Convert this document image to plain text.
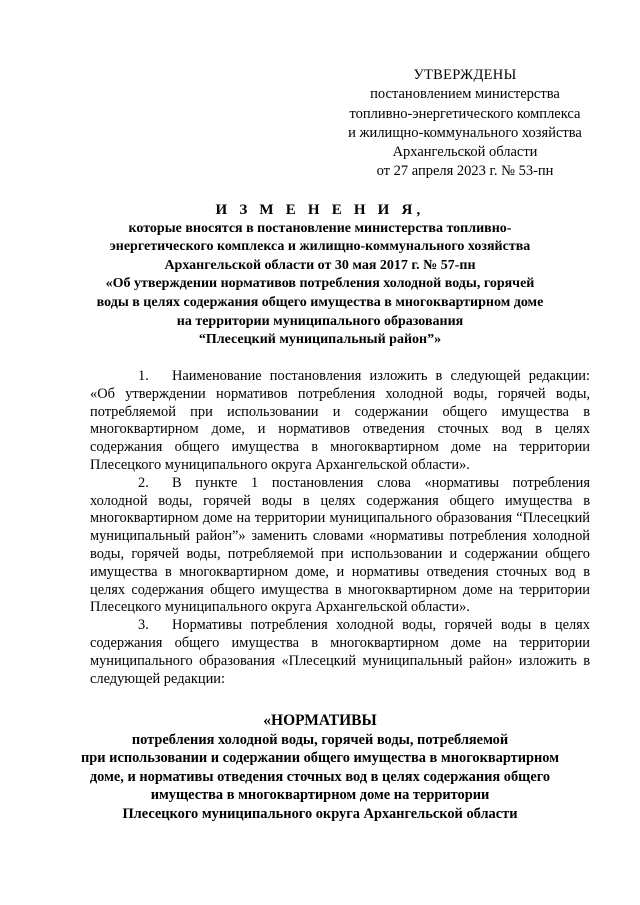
УТВЕРЖДЕНЫ
постановлением министерства
топливно-энергетического комплекса
и жилищно-коммунального хозяйства
Архангельской области
от 27 апреля 2023 г. № 53-пн
И З М Е Н Е Н И Я,
которые вносятся в постановление министерства топливно-
энергетического комплекса и жилищно-коммунального хозяйства
Архангельской области от 30 мая 2017 г. № 57-пн
«Об утверждении нормативов потребления холодной воды, горячей
воды в целях содержания общего имущества в многоквартирном доме
на территории муниципального образования
“Плесецкий муниципальный район”»

1. Наименование постановления изложить в следующей редакции: «Об утверждении нормативов потребления холодной воды, горячей воды, потребляемой при использовании и содержании общего имущества в многоквартирном доме, и нормативов отведения сточных вод в целях содержания общего имущества в многоквартирном доме на территории Плесецкого муниципального округа Архангельской области».

2. В пункте 1 постановления слова «нормативы потребления холодной воды, горячей воды в целях содержания общего имущества в многоквартирном доме на территории муниципального образования “Плесецкий муниципальный район”» заменить словами «нормативы потребления холодной воды, горячей воды, потребляемой при использовании и содержании общего имущества в многоквартирном доме, и нормативы отведения сточных вод в целях содержания общего имущества в многоквартирном доме на территории Плесецкого муниципального округа Архангельской области».

3. Нормативы потребления холодной воды, горячей воды в целях содержания общего имущества в многоквартирном доме на территории муниципального образования «Плесецкий муниципальный район» изложить в следующей редакции:

«НОРМАТИВЫ
потребления холодной воды, горячей воды, потребляемой
при использовании и содержании общего имущества в многоквартирном
доме, и нормативы отведения сточных вод в целях содержания общего
имущества в многоквартирном доме на территории
Плесецкого муниципального округа Архангельской области
